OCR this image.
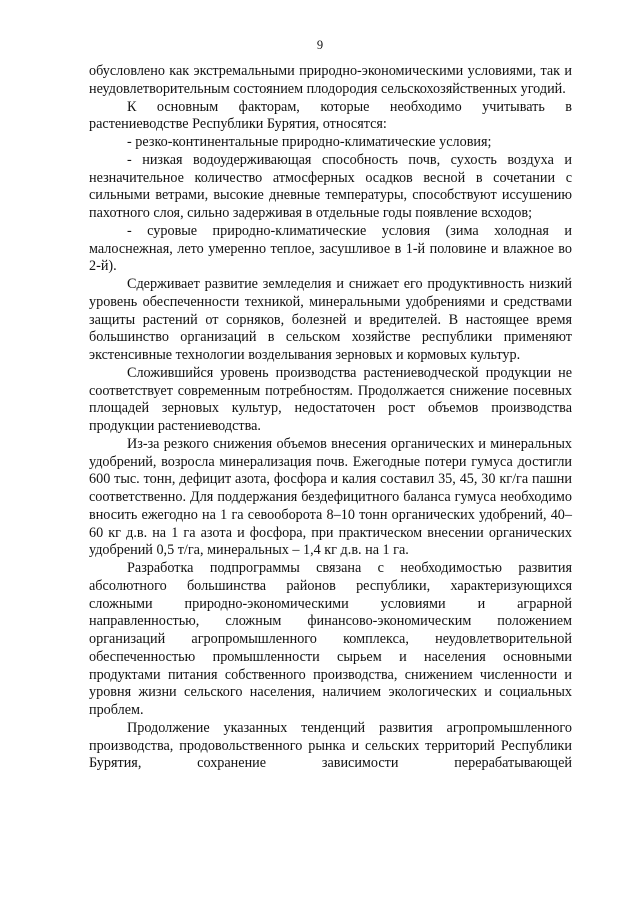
9

обусловлено как экстремальными природно-экономическими условиями, так и неудовлетворительным состоянием плодородия сельскохозяйственных угодий.

К основным факторам, которые необходимо учитывать в растениеводстве Республики Бурятия, относятся:

- резко-континентальные природно-климатические условия;

- низкая водоудерживающая способность почв, сухость воздуха и незначительное количество атмосферных осадков весной в сочетании с сильными ветрами, высокие дневные температуры, способствуют иссушению пахотного слоя, сильно задерживая в отдельные годы появление всходов;

- суровые природно-климатические условия (зима холодная и малоснежная, лето умеренно теплое, засушливое в 1-й половине и влажное во 2-й).

Сдерживает развитие земледелия и снижает его продуктивность низкий уровень обеспеченности техникой, минеральными удобрениями и средствами защиты растений от сорняков, болезней и вредителей. В настоящее время большинство организаций в сельском хозяйстве республики применяют экстенсивные технологии возделывания зерновых и кормовых культур.

Сложившийся уровень производства растениеводческой продукции не соответствует современным потребностям. Продолжается снижение посевных площадей зерновых культур, недостаточен рост объемов производства продукции растениеводства.

Из-за резкого снижения объемов внесения органических и минеральных удобрений, возросла минерализация почв. Ежегодные потери гумуса достигли 600 тыс. тонн, дефицит азота, фосфора и калия составил 35, 45, 30 кг/га пашни соответственно. Для поддержания бездефицитного баланса гумуса необходимо вносить ежегодно на 1 га севооборота 8–10 тонн органических удобрений, 40–60 кг д.в. на 1 га азота и фосфора, при практическом внесении органических удобрений 0,5 т/га, минеральных – 1,4 кг д.в. на 1 га.

Разработка подпрограммы связана с необходимостью развития абсолютного большинства районов республики, характеризующихся сложными природно-экономическими условиями и аграрной направленностью, сложным финансово-экономическим положением организаций агропромышленного комплекса, неудовлетворительной обеспеченностью промышленности сырьем и населения основными продуктами питания собственного производства, снижением численности и уровня жизни сельского населения, наличием экологических и социальных проблем.

Продолжение указанных тенденций развития агропромышленного производства, продовольственного рынка и сельских территорий Республики Бурятия, сохранение зависимости перерабатывающей
